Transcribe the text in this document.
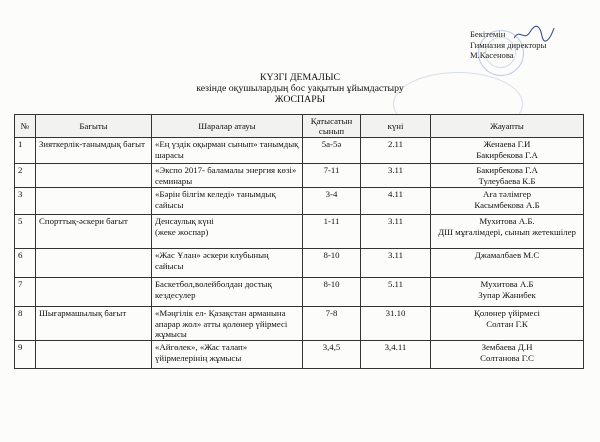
Бекітемін
Гимназия директоры
М.Касенова
КҮЗГІ ДЕМАЛЫС
кезінде оқушылардың бос уақытын ұйымдастыру
ЖОСПАРЫ
№	Бағыты	Шаралар атауы	Қатысатын сынып	күні	Жауапты
1	Зияткерлік-танымдық бағыт	«Ең үздік оқырман сынып» танымдық шарасы	5а-5ә	2.11	Женаева Г.И
Бакирбекова Г.А
2		«Экспо 2017- баламалы энергия көзі» семинары	7-11	3.11	Бакирбекова Г.А
Тулеубаева К.Б
3		«Бәрін білгім келеді» танымдық сайысы	3-4	4.11	Аға тәлімгер
Касымбекова А.Б
5	Спорттық-әскери бағыт	Денсаулық күні
(жеке жоспар)	1-11	3.11	Мухитова А.Б.
ДШ мұғалімдері, сынып жетекшілер
6		«Жас Ұлан» әскери клубының сайысы	8-10	3.11	Джамалбаев М.С
7		Баскетбол,волейболдан достық кездесулер	8-10	5.11	Мухитова А.Б
Зупар Жанибек
8	Шығармашылық бағыт	«Мәңгілік ел- Қазақстан арманына апарар жол» атты қолөнер үйірмесі жұмысы	7-8	31.10	Қолөнер үйірмесі
Солтан Г.К
9		«Айгөлек», «Жас талап» үйірмелерінің жұмысы	3,4,5	3,4.11	Зембаева Д.Н
Солтанова Г.С
